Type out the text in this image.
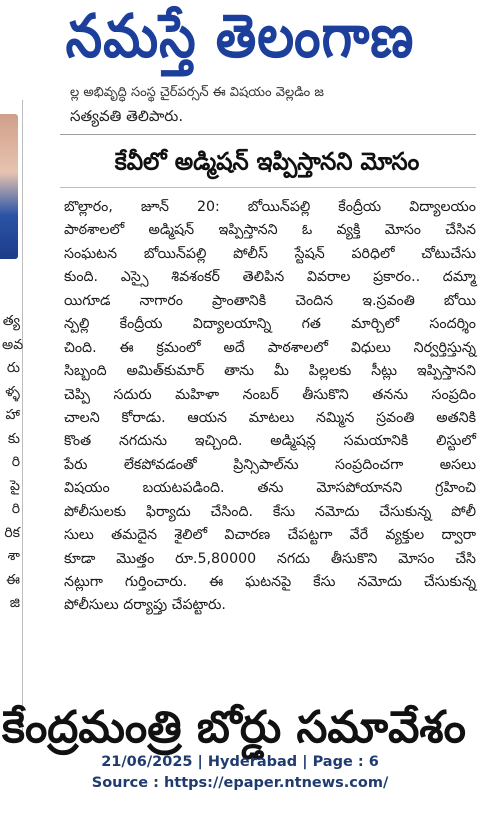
నమస్తే తెలంగాణ
త్య
అవ
రు
ళ్ళ
హా
కు
రి
పై
రి
రిక
శా
ఈ
జి
ల్ల అభివృద్ధి సంస్థ చైర్‌పర్సన్ ఈ విషయం వెల్లడిం జ
సత్యవతి తెలిపారు.
కేవీలో అడ్మిషన్ ఇప్పిస్తానని మోసం
బొల్లారం, జూన్ 20: బోయిన్‌పల్లి కేంద్రీయ విద్యాలయం
పాఠశాలలో అడ్మిషన్ ఇప్పిస్తానని ఓ వ్యక్తి మోసం చేసిన
సంఘటన బోయిన్‌పల్లి పోలీస్ స్టేషన్ పరిధిలో చోటుచేసు
కుంది. ఎస్సై శివశంకర్ తెలిపిన వివరాల ప్రకారం.. దమ్మా
యిగూడ నాగారం ప్రాంతానికి చెందిన ఇ.స్రవంతి బోయి
న్పల్లి కేంద్రీయ విద్యాలయాన్ని గత మార్చిలో సందర్శిం
చింది. ఈ క్రమంలో అదే పాఠశాలలో విధులు నిర్వర్తిస్తున్న
సిబ్బంది అమిత్‌కుమార్ తాను మీ పిల్లలకు సీట్లు ఇప్పిస్తానని
చెప్పి సదురు మహిళా నంబర్ తీసుకొని తనను సంప్రదిం
చాలని కోరాడు. ఆయన మాటలు నమ్మిన స్రవంతి అతనికి
కొంత నగదును ఇచ్చింది. అడ్మిషన్ల సమయానికి లిస్టులో
పేరు లేకపోవడంతో ప్రిన్సిపాల్‌ను సంప్రదించగా అసలు
విషయం బయటపడింది. తను మోసపోయానని గ్రహించి
పోలీసులకు ఫిర్యాదు చేసింది. కేసు నమోదు చేసుకున్న పోలీ
సులు తమదైన శైలిలో విచారణ చేపట్టగా వేరే వ్యక్తుల ద్వారా
కూడా మొత్తం రూ.5,80000 నగదు తీసుకొని మోసం చేసి
నట్లుగా గుర్తించారు. ఈ ఘటనపై కేసు నమోదు చేసుకున్న
పోలీసులు దర్యాప్తు చేపట్టారు.
కేంద్రమంత్రి బోర్డు సమావేశం
21/06/2025 | Hyderabad | Page : 6
Source : https://epaper.ntnews.com/
